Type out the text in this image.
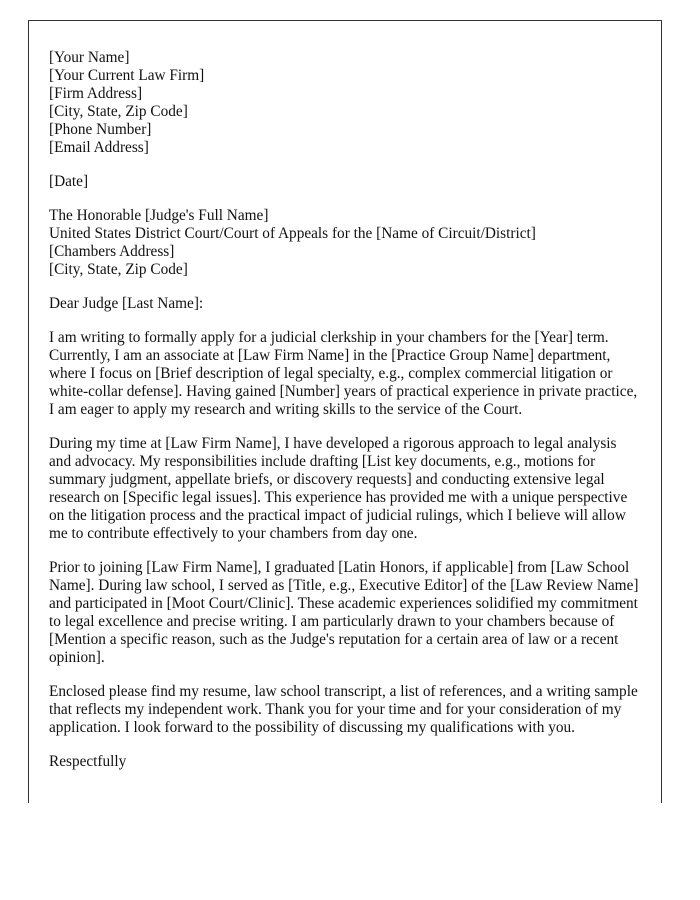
[Your Name]
[Your Current Law Firm]
[Firm Address]
[City, State, Zip Code]
[Phone Number]
[Email Address]
[Date]
The Honorable [Judge's Full Name]
United States District Court/Court of Appeals for the [Name of Circuit/District]
[Chambers Address]
[City, State, Zip Code]
Dear Judge [Last Name]:

I am writing to formally apply for a judicial clerkship in your chambers for the [Year] term. Currently, I am an associate at [Law Firm Name] in the [Practice Group Name] department, where I focus on [Brief description of legal specialty, e.g., complex commercial litigation or white-collar defense]. Having gained [Number] years of practical experience in private practice, I am eager to apply my research and writing skills to the service of the Court.

During my time at [Law Firm Name], I have developed a rigorous approach to legal analysis and advocacy. My responsibilities include drafting [List key documents, e.g., motions for summary judgment, appellate briefs, or discovery requests] and conducting extensive legal research on [Specific legal issues]. This experience has provided me with a unique perspective on the litigation process and the practical impact of judicial rulings, which I believe will allow me to contribute effectively to your chambers from day one.

Prior to joining [Law Firm Name], I graduated [Latin Honors, if applicable] from [Law School Name]. During law school, I served as [Title, e.g., Executive Editor] of the [Law Review Name] and participated in [Moot Court/Clinic]. These academic experiences solidified my commitment to legal excellence and precise writing. I am particularly drawn to your chambers because of [Mention a specific reason, such as the Judge's reputation for a certain area of law or a recent opinion].

Enclosed please find my resume, law school transcript, a list of references, and a writing sample that reflects my independent work. Thank you for your time and for your consideration of my application. I look forward to the possibility of discussing my qualifications with you.

Respectfully
